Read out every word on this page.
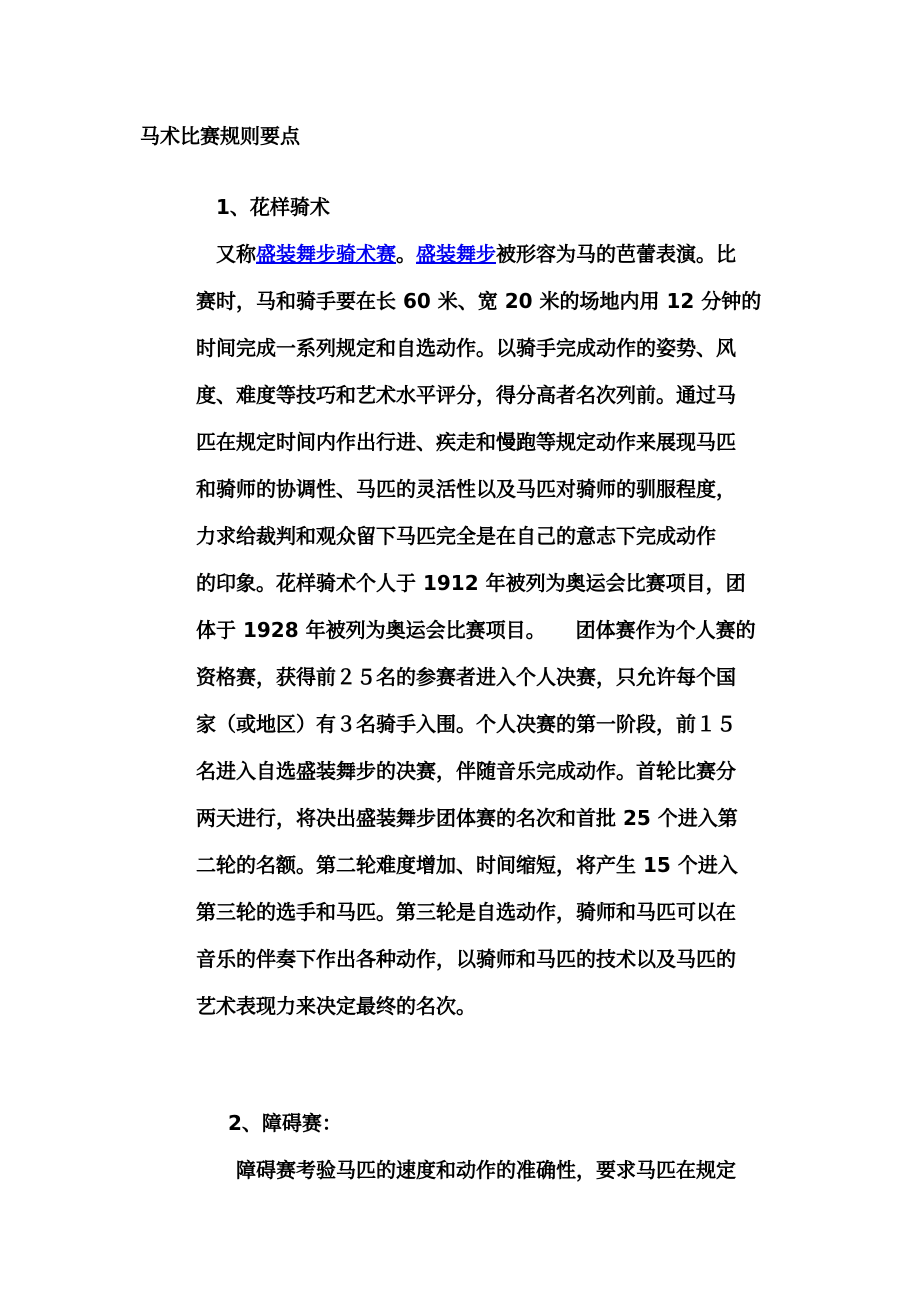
马术比赛规则要点
1、花样骑术
又称盛装舞步骑术赛。盛装舞步被形容为马的芭蕾表演。比
赛时，马和骑手要在长 60 米、宽 20 米的场地内用 12 分钟的
时间完成一系列规定和自选动作。以骑手完成动作的姿势、风
度、难度等技巧和艺术水平评分，得分高者名次列前。通过马
匹在规定时间内作出行进、疾走和慢跑等规定动作来展现马匹
和骑师的协调性、马匹的灵活性以及马匹对骑师的驯服程度，
力求给裁判和观众留下马匹完全是在自己的意志下完成动作
的印象。花样骑术个人于 1912 年被列为奥运会比赛项目，团
体于 1928 年被列为奥运会比赛项目。　　团体赛作为个人赛的
资格赛，获得前２５名的参赛者进入个人决赛，只允许每个国
家（或地区）有３名骑手入围。个人决赛的第一阶段，前１５
名进入自选盛装舞步的决赛，伴随音乐完成动作。首轮比赛分
两天进行，将决出盛装舞步团体赛的名次和首批 25 个进入第
二轮的名额。第二轮难度增加、时间缩短，将产生 15 个进入
第三轮的选手和马匹。第三轮是自选动作，骑师和马匹可以在
音乐的伴奏下作出各种动作，以骑师和马匹的技术以及马匹的
艺术表现力来决定最终的名次。
2、障碍赛：
障碍赛考验马匹的速度和动作的准确性，要求马匹在规定
